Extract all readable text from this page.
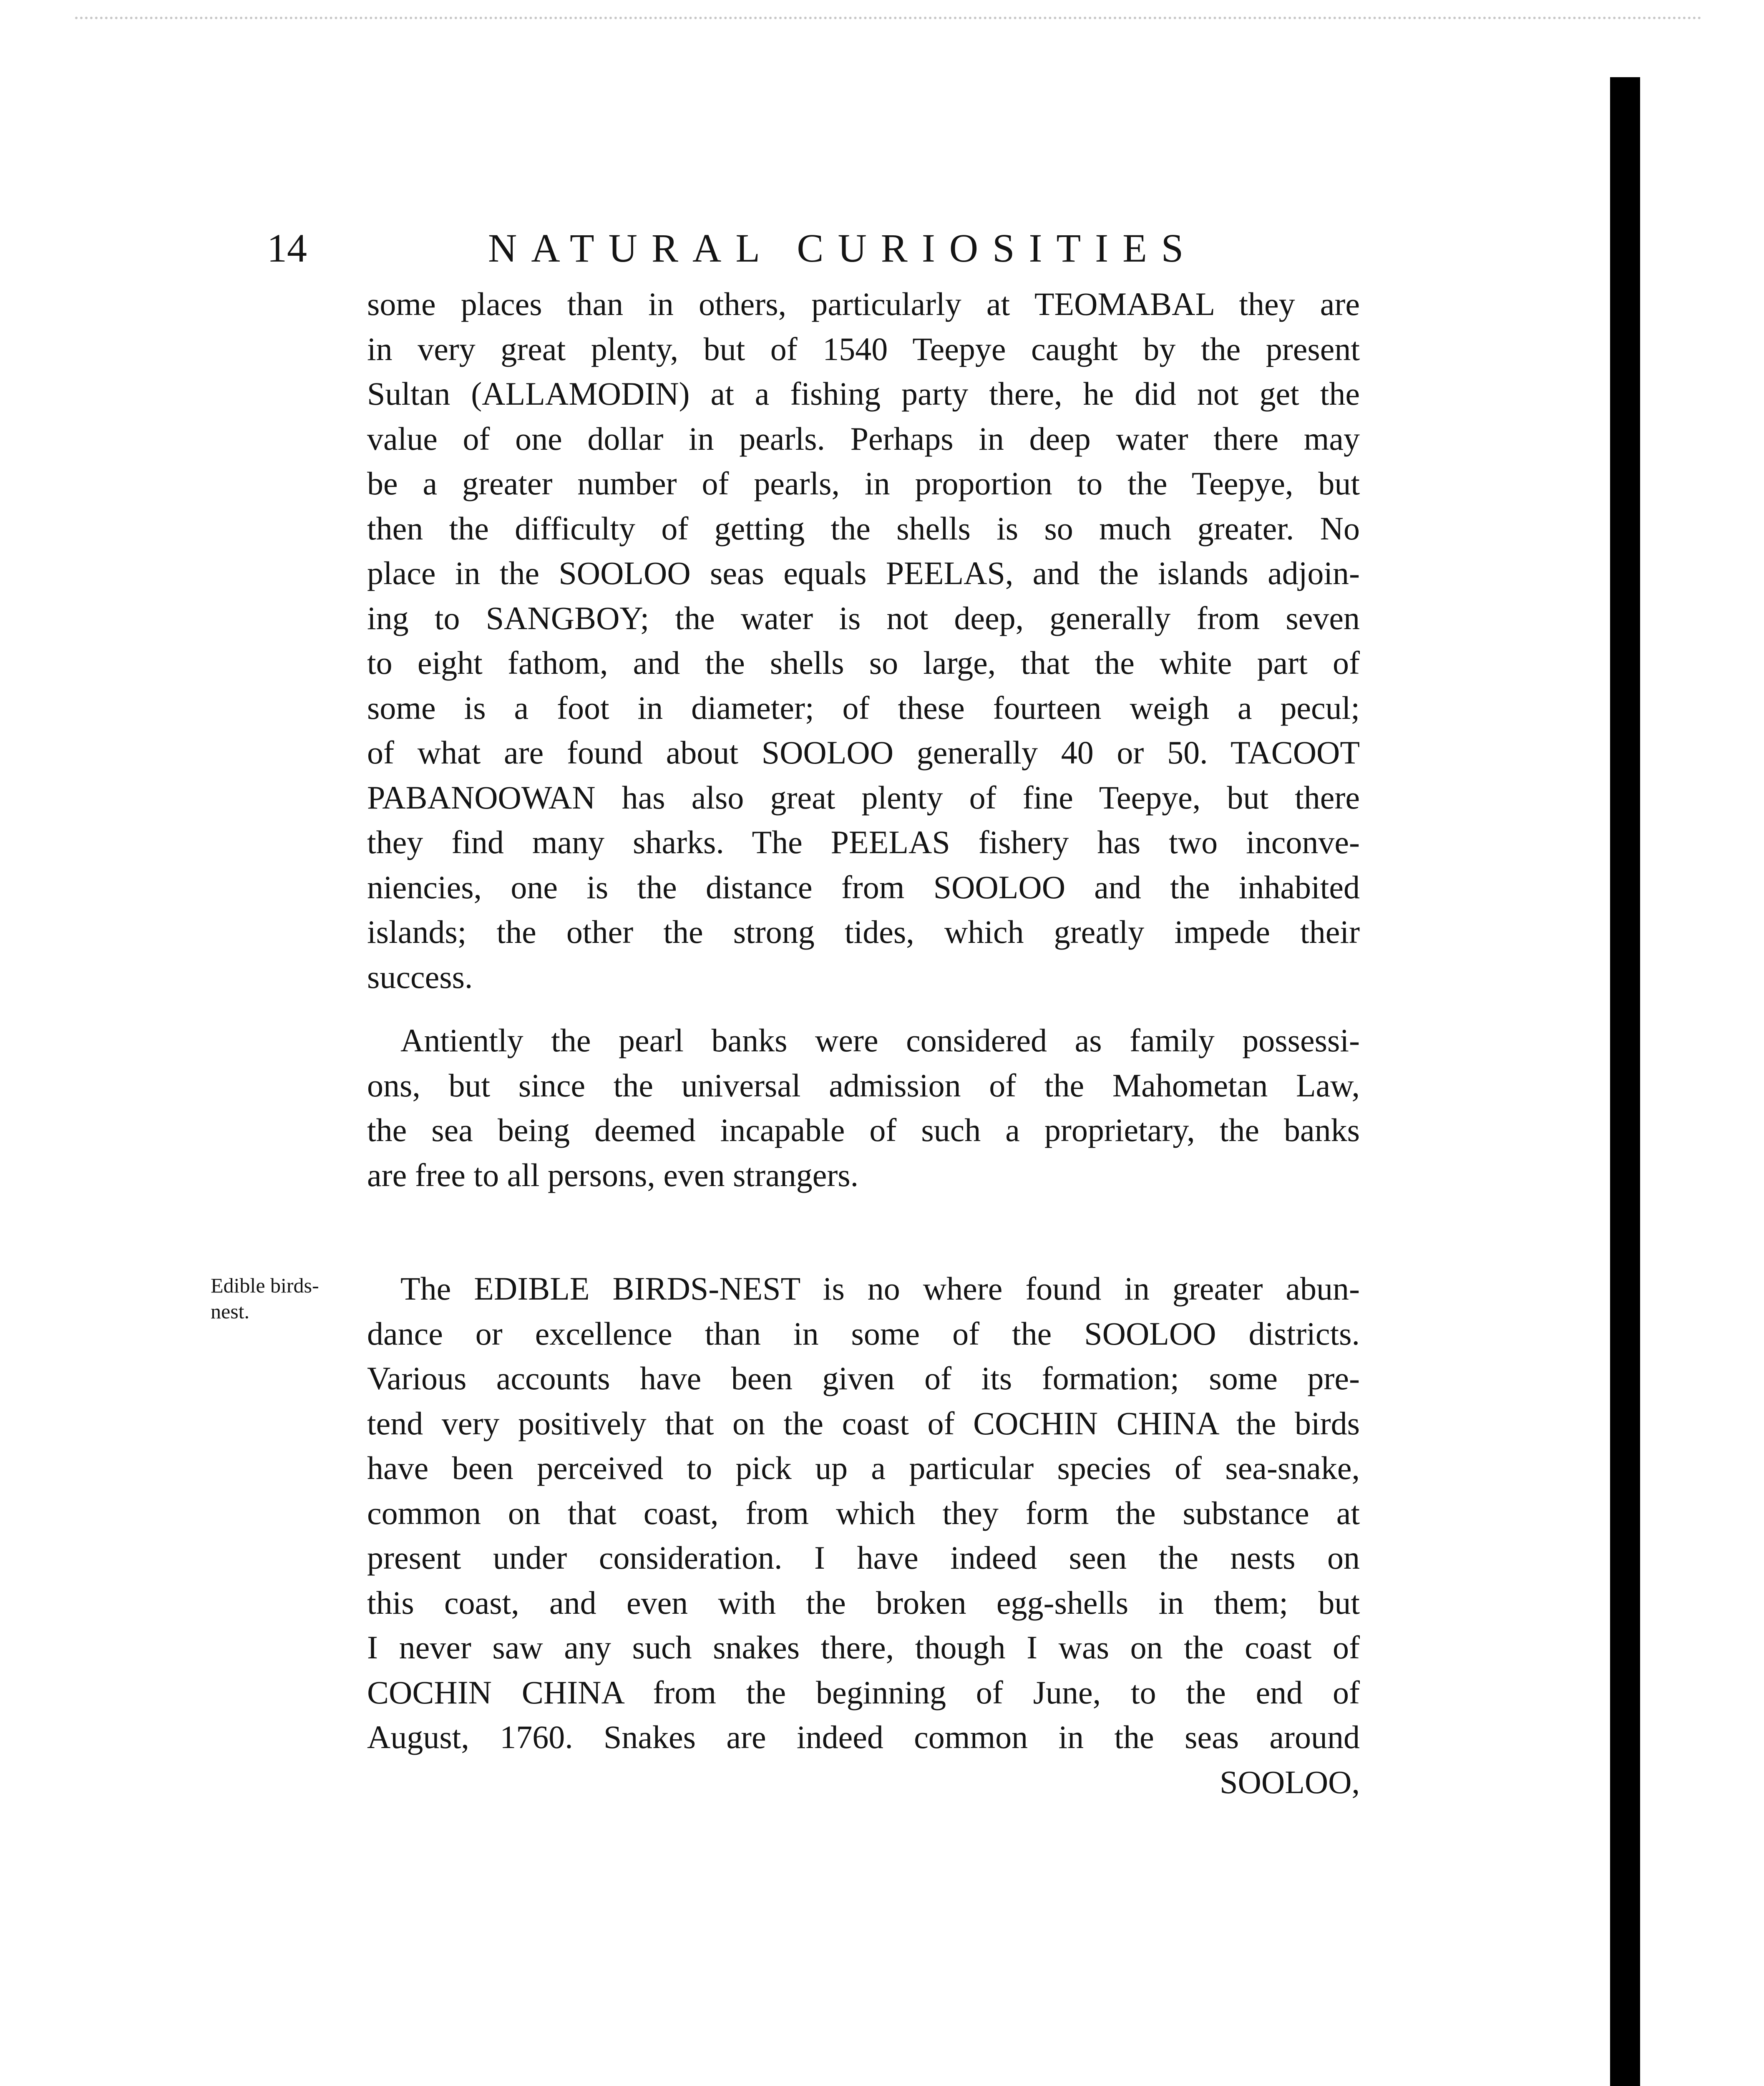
14	NATURAL CURIOSITIES
Edible birds-
nest.
some places than in others, particularly at TEOMABAL they are
in very great plenty, but of 1540 Teepye caught by the present
Sultan (ALLAMODIN) at a fishing party there, he did not get the
value of one dollar in pearls. Perhaps in deep water there may
be a greater number of pearls, in proportion to the Teepye, but
then the difficulty of getting the shells is so much greater. No
place in the SOOLOO seas equals PEELAS, and the islands adjoin-
ing to SANGBOY; the water is not deep, generally from seven
to eight fathom, and the shells so large, that the white part of
some is a foot in diameter; of these fourteen weigh a pecul;
of what are found about SOOLOO generally 40 or 50. TACOOT
PABANOOWAN has also great plenty of fine Teepye, but there
they find many sharks. The PEELAS fishery has two inconve-
niencies, one is the distance from SOOLOO and the inhabited
islands; the other the strong tides, which greatly impede their
success.
Antiently the pearl banks were considered as family possessi-
ons, but since the universal admission of the Mahometan Law,
the sea being deemed incapable of such a proprietary, the banks
are free to all persons, even strangers.
The EDIBLE BIRDS-NEST is no where found in greater abun-
dance or excellence than in some of the SOOLOO districts.
Various accounts have been given of its formation; some pre-
tend very positively that on the coast of COCHIN CHINA the birds
have been perceived to pick up a particular species of sea-snake,
common on that coast, from which they form the substance at
present under consideration. I have indeed seen the nests on
this coast, and even with the broken egg-shells in them; but
I never saw any such snakes there, though I was on the coast of
COCHIN CHINA from the beginning of June, to the end of
August, 1760. Snakes are indeed common in the seas around
SOOLOO,
